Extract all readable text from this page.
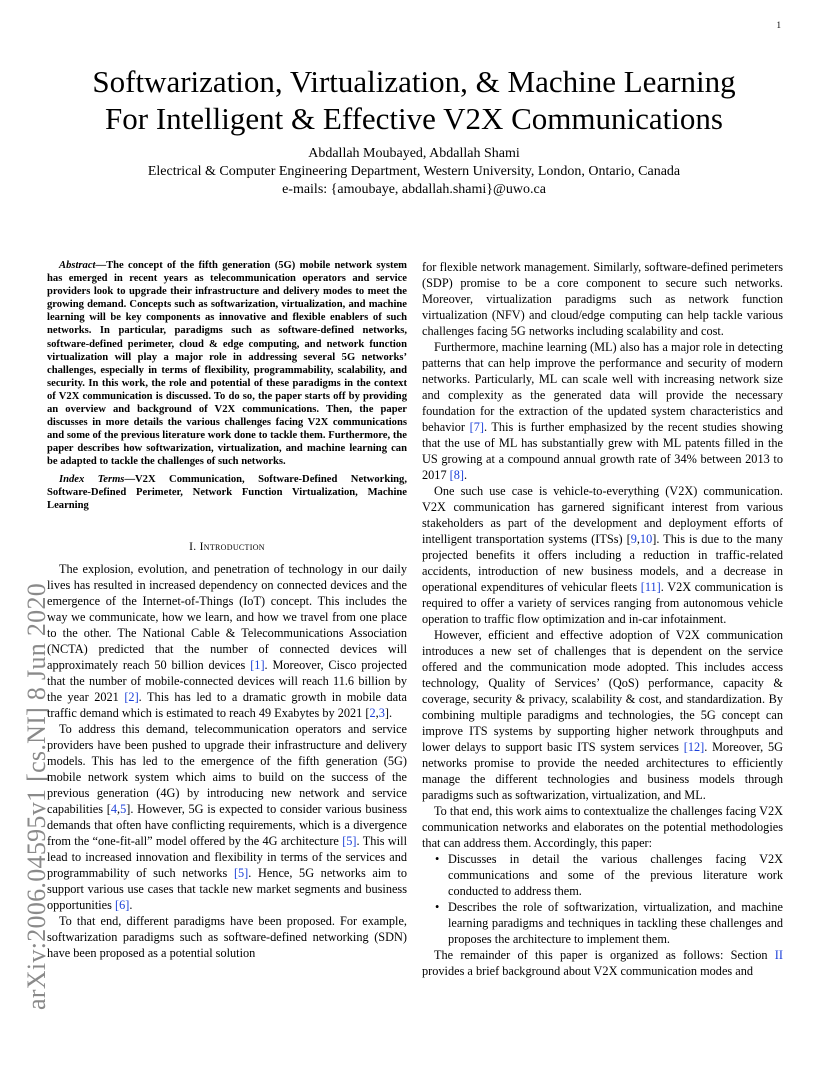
1
arXiv:2006.04595v1 [cs.NI] 8 Jun 2020
Softwarization, Virtualization, & Machine Learning
For Intelligent & Effective V2X Communications
Abdallah Moubayed, Abdallah Shami
Electrical & Computer Engineering Department, Western University, London, Ontario, Canada
e-mails: {amoubaye, abdallah.shami}@uwo.ca

Abstract—The concept of the fifth generation (5G) mobile network system has emerged in recent years as telecommunication operators and service providers look to upgrade their infrastructure and delivery modes to meet the growing demand. Concepts such as softwarization, virtualization, and machine learning will be key components as innovative and flexible enablers of such networks. In particular, paradigms such as software-defined networks, software-defined perimeter, cloud & edge computing, and network function virtualization will play a major role in addressing several 5G networks’ challenges, especially in terms of flexibility, programmability, scalability, and security. In this work, the role and potential of these paradigms in the context of V2X communication is discussed. To do so, the paper starts off by providing an overview and background of V2X communications. Then, the paper discusses in more details the various challenges facing V2X communications and some of the previous literature work done to tackle them. Furthermore, the paper describes how softwarization, virtualization, and machine learning can be adapted to tackle the challenges of such networks.

Index Terms—V2X Communication, Software-Defined Networking, Software-Defined Perimeter, Network Function Virtualization, Machine Learning

I. Introduction

The explosion, evolution, and penetration of technology in our daily lives has resulted in increased dependency on connected devices and the emergence of the Internet-of-Things (IoT) concept. This includes the way we communicate, how we learn, and how we travel from one place to the other. The National Cable & Telecommunications Association (NCTA) predicted that the number of connected devices will approximately reach 50 billion devices [1]. Moreover, Cisco projected that the number of mobile-connected devices will reach 11.6 billion by the year 2021 [2]. This has led to a dramatic growth in mobile data traffic demand which is estimated to reach 49 Exabytes by 2021 [2,3].

To address this demand, telecommunication operators and service providers have been pushed to upgrade their infrastructure and delivery models. This has led to the emergence of the fifth generation (5G) mobile network system which aims to build on the success of the previous generation (4G) by introducing new network and service capabilities [4,5]. However, 5G is expected to consider various business demands that often have conflicting requirements, which is a divergence from the “one-fit-all” model offered by the 4G architecture [5]. This will lead to increased innovation and flexibility in terms of the services and programmability of such networks [5]. Hence, 5G networks aim to support various use cases that tackle new market segments and business opportunities [6].

To that end, different paradigms have been proposed. For example, softwarization paradigms such as software-defined networking (SDN) have been proposed as a potential solution

for flexible network management. Similarly, software-defined perimeters (SDP) promise to be a core component to secure such networks. Moreover, virtualization paradigms such as network function virtualization (NFV) and cloud/edge computing can help tackle various challenges facing 5G networks including scalability and cost.

Furthermore, machine learning (ML) also has a major role in detecting patterns that can help improve the performance and security of modern networks. Particularly, ML can scale well with increasing network size and complexity as the generated data will provide the necessary foundation for the extraction of the updated system characteristics and behavior [7]. This is further emphasized by the recent studies showing that the use of ML has substantially grew with ML patents filled in the US growing at a compound annual growth rate of 34% between 2013 to 2017 [8].

One such use case is vehicle-to-everything (V2X) communication. V2X communication has garnered significant interest from various stakeholders as part of the development and deployment efforts of intelligent transportation systems (ITSs) [9,10]. This is due to the many projected benefits it offers including a reduction in traffic-related accidents, introduction of new business models, and a decrease in operational expenditures of vehicular fleets [11]. V2X communication is required to offer a variety of services ranging from autonomous vehicle operation to traffic flow optimization and in-car infotainment.

However, efficient and effective adoption of V2X communication introduces a new set of challenges that is dependent on the service offered and the communication mode adopted. This includes access technology, Quality of Services’ (QoS) performance, capacity & coverage, security & privacy, scalability & cost, and standardization. By combining multiple paradigms and technologies, the 5G concept can improve ITS systems by supporting higher network throughputs and lower delays to support basic ITS system services [12]. Moreover, 5G networks promise to provide the needed architectures to efficiently manage the different technologies and business models through paradigms such as softwarization, virtualization, and ML.

To that end, this work aims to contextualize the challenges facing V2X communication networks and elaborates on the potential methodologies that can address them. Accordingly, this paper:

• Discusses in detail the various challenges facing V2X communications and some of the previous literature work conducted to address them.
• Describes the role of softwarization, virtualization, and machine learning paradigms and techniques in tackling these challenges and proposes the architecture to implement them.

The remainder of this paper is organized as follows: Section II provides a brief background about V2X communication modes and
